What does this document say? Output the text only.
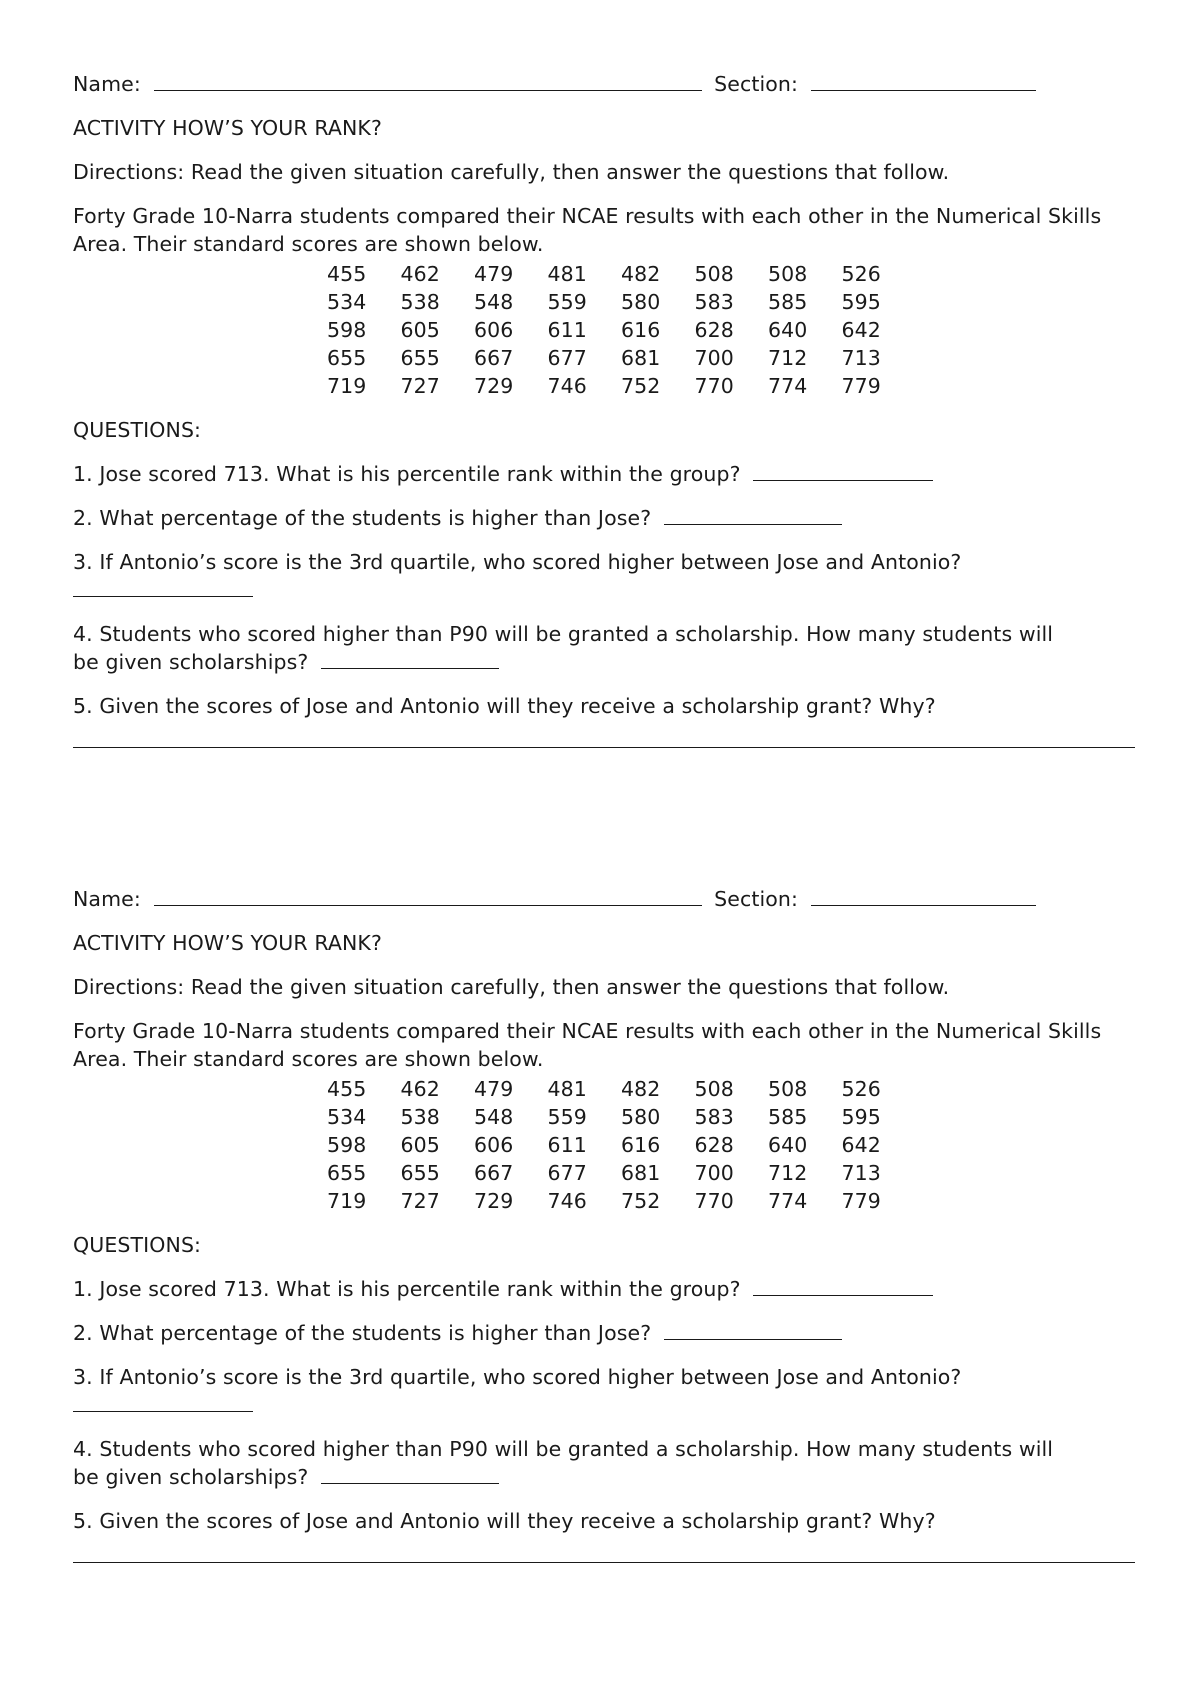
Name:	Section:
ACTIVITY HOW’S YOUR RANK?
Directions: Read the given situation carefully, then answer the questions that follow.
Forty Grade 10-Narra students compared their NCAE results with each other in the Numerical Skills Area. Their standard scores are shown below.
455	462	479	481	482	508	508	526
534	538	548	559	580	583	585	595
598	605	606	611	616	628	640	642
655	655	667	677	681	700	712	713
719	727	729	746	752	770	774	779
QUESTIONS:
1. Jose scored 713. What is his percentile rank within the group?
2. What percentage of the students is higher than Jose?
3. If Antonio’s score is the 3rd quartile, who scored higher between Jose and Antonio?
4. Students who scored higher than P90 will be granted a scholarship. How many students will
be given scholarships?
5. Given the scores of Jose and Antonio will they receive a scholarship grant? Why?
Name:	Section:
ACTIVITY HOW’S YOUR RANK?
Directions: Read the given situation carefully, then answer the questions that follow.
Forty Grade 10-Narra students compared their NCAE results with each other in the Numerical Skills Area. Their standard scores are shown below.
455	462	479	481	482	508	508	526
534	538	548	559	580	583	585	595
598	605	606	611	616	628	640	642
655	655	667	677	681	700	712	713
719	727	729	746	752	770	774	779
QUESTIONS:
1. Jose scored 713. What is his percentile rank within the group?
2. What percentage of the students is higher than Jose?
3. If Antonio’s score is the 3rd quartile, who scored higher between Jose and Antonio?
4. Students who scored higher than P90 will be granted a scholarship. How many students will
be given scholarships?
5. Given the scores of Jose and Antonio will they receive a scholarship grant? Why?
